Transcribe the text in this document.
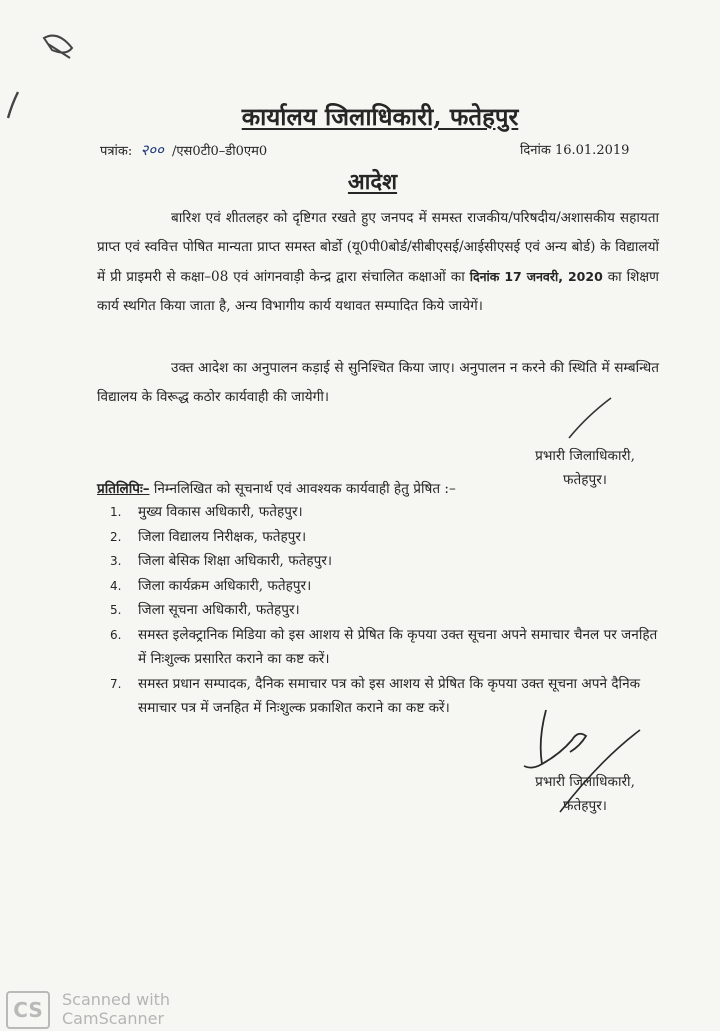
कार्यालय जिलाधिकारी, फतेहपुर
पत्रांक: २०० /एस0टी0–डी0एम0	दिनांक 16.01.2019
आदेश

बारिश एवं शीतलहर को दृष्टिगत रखते हुए जनपद में समस्त राजकीय/परिषदीय/अशासकीय सहायता प्राप्त एवं स्ववित्त पोषित मान्यता प्राप्त समस्त बोर्डो (यू0पी0बोर्ड/सीबीएसई/आईसीएसई एवं अन्य बोर्ड) के विद्यालयों में प्री प्राइमरी से कक्षा–08 एवं आंगनवाड़ी केन्द्र द्वारा संचालित कक्षाओं का दिनांक 17 जनवरी, 2020 का शिक्षण कार्य स्थगित किया जाता है, अन्य विभागीय कार्य यथावत सम्पादित किये जायेगें।

उक्त आदेश का अनुपालन कड़ाई से सुनिश्चित किया जाए। अनुपालन न करने की स्थिति में सम्बन्धित विद्यालय के विरूद्ध कठोर कार्यवाही की जायेगी।

प्रभारी जिलाधिकारी,
फतेहपुर।
प्रतिलिपिः– निम्नलिखित को सूचनार्थ एवं आवश्यक कार्यवाही हेतु प्रेषित :–
1. मुख्य विकास अधिकारी, फतेहपुर।
2. जिला विद्यालय निरीक्षक, फतेहपुर।
3. जिला बेसिक शिक्षा अधिकारी, फतेहपुर।
4. जिला कार्यक्रम अधिकारी, फतेहपुर।
5. जिला सूचना अधिकारी, फतेहपुर।
6. समस्त इलेक्ट्रानिक मिडिया को इस आशय से प्रेषित कि कृपया उक्त सूचना अपने समाचार चैनल पर जनहित में निःशुल्क प्रसारित कराने का कष्ट करें।
7. समस्त प्रधान सम्पादक, दैनिक समाचार पत्र को इस आशय से प्रेषित कि कृपया उक्त सूचना अपने दैनिक समाचार पत्र में जनहित में निःशुल्क प्रकाशित कराने का कष्ट करें।
प्रभारी जिलाधिकारी,
फतेहपुर।
CS	Scanned with
CamScanner
